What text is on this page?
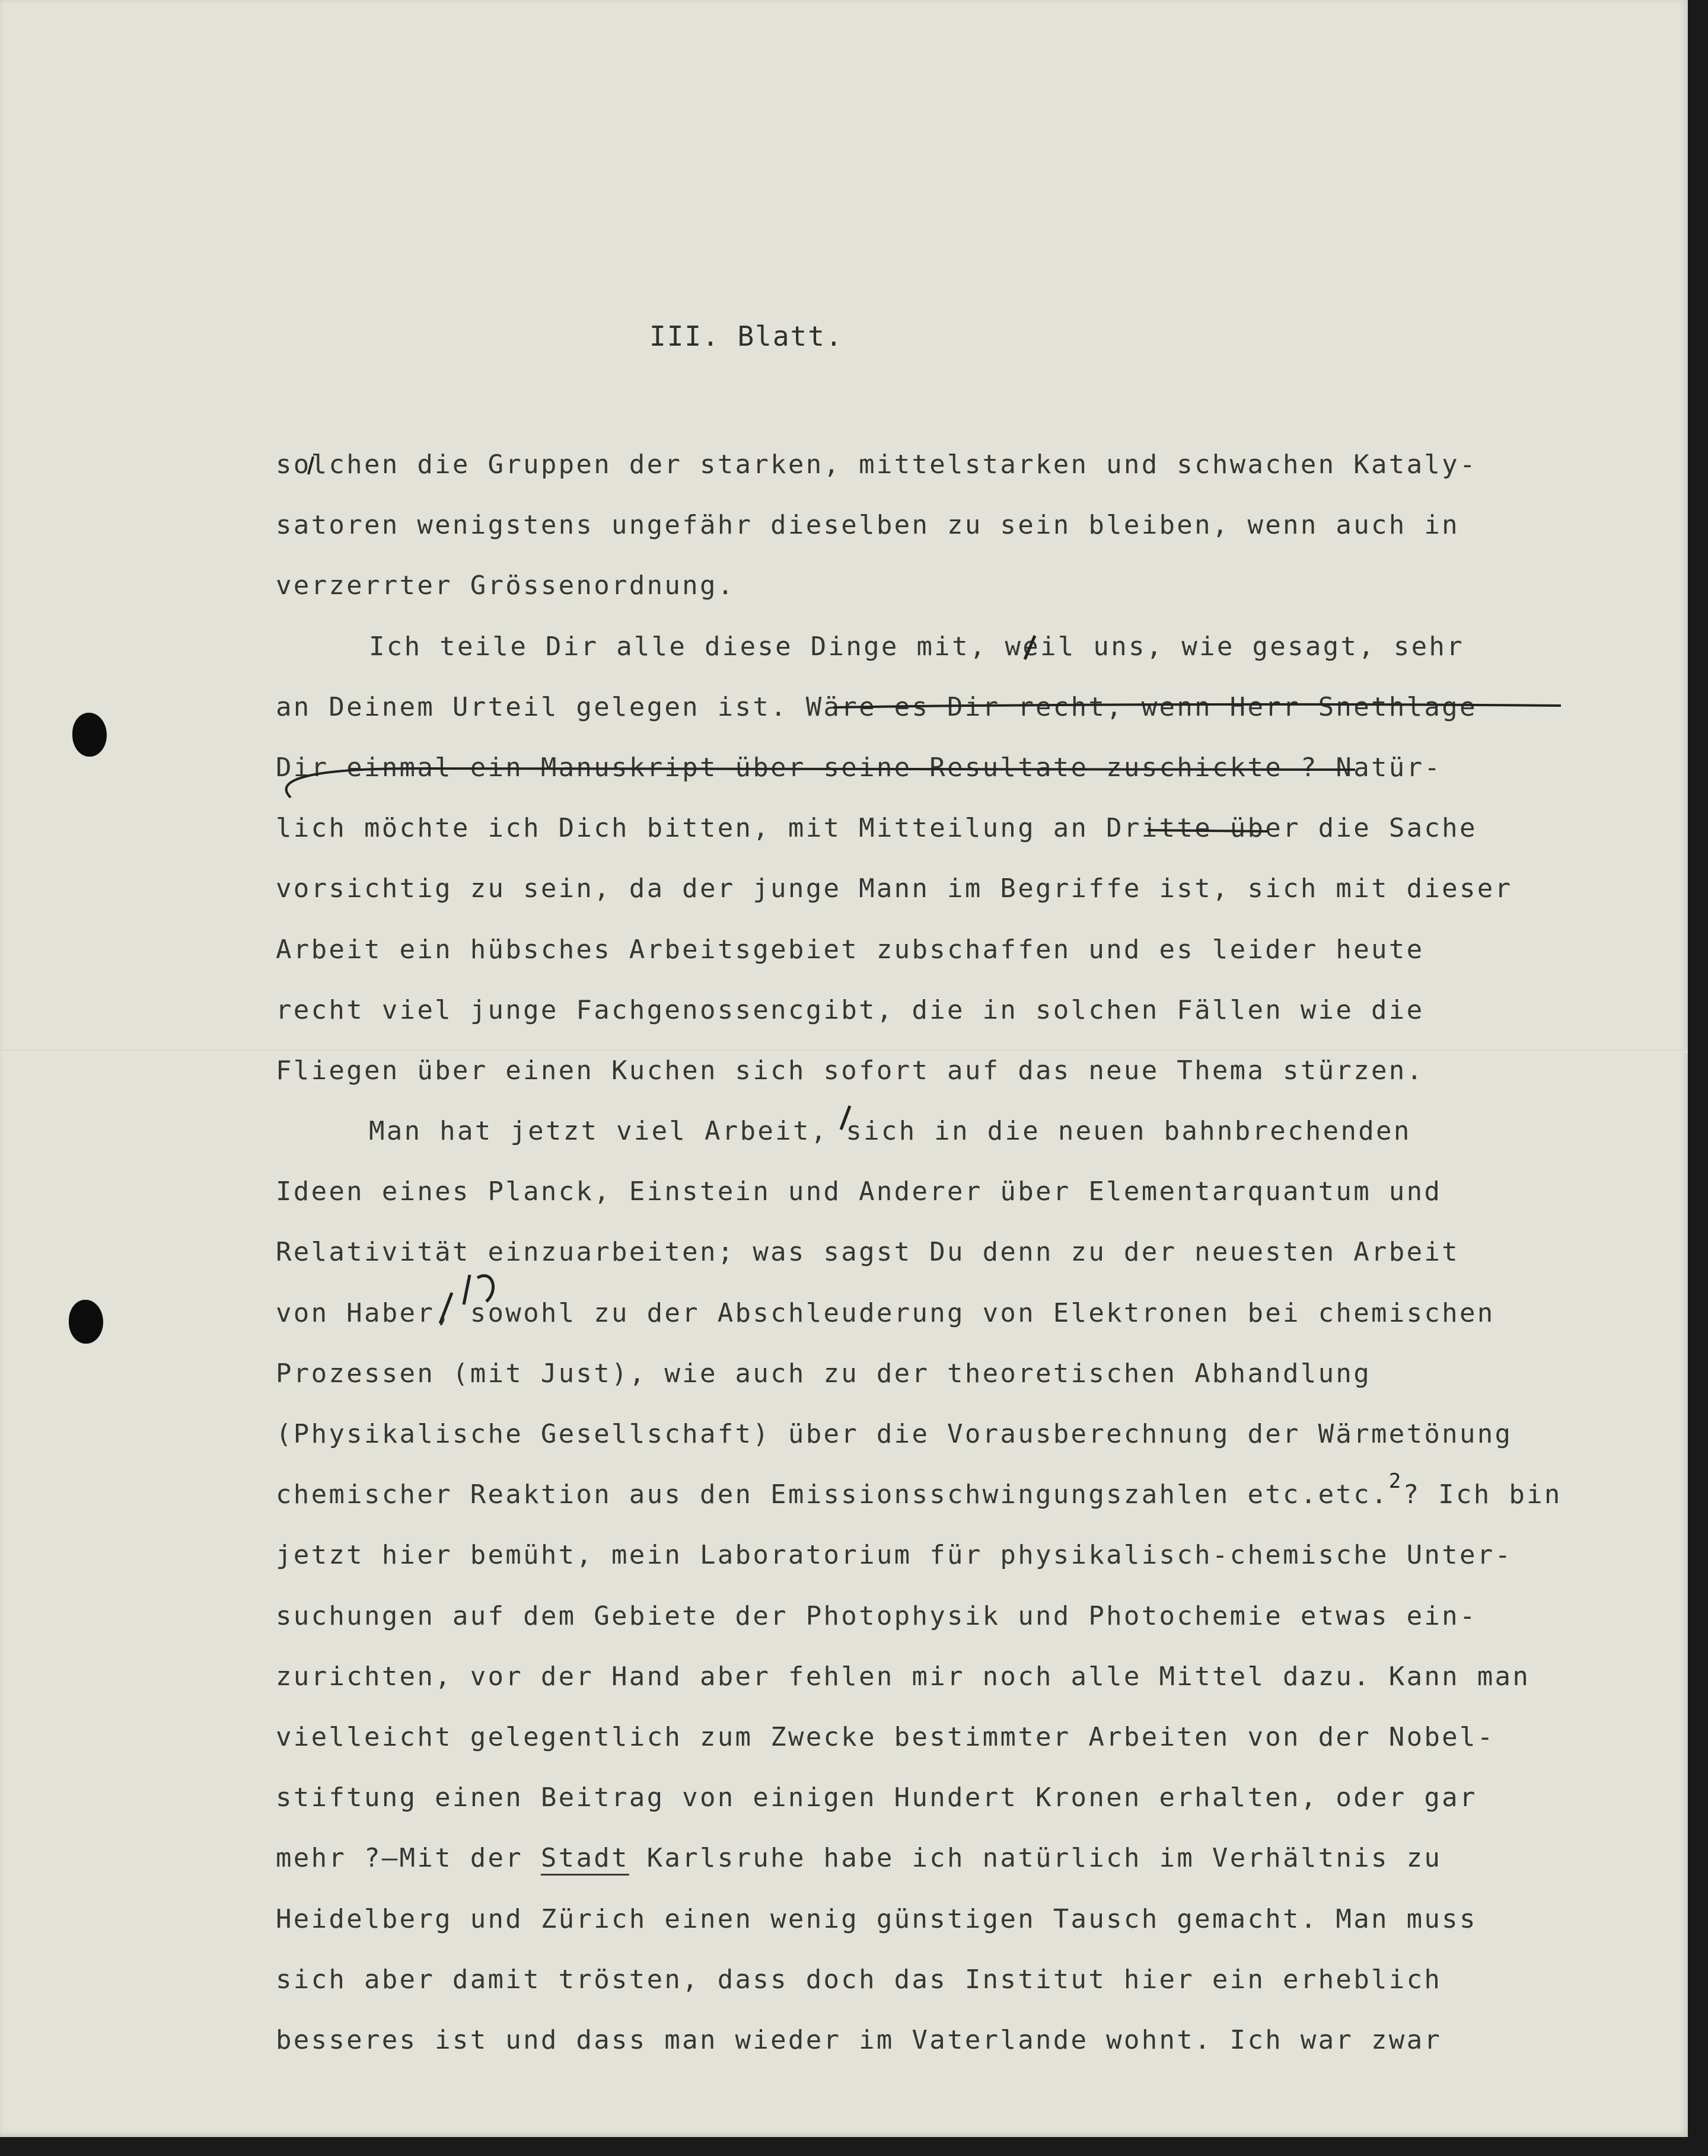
III. Blatt.
solchen die Gruppen der starken, mittelstarken und schwachen Kataly-
satoren wenigstens ungefähr dieselben zu sein bleiben, wenn auch in
verzerrter Grössenordnung.
Ich teile Dir alle diese Dinge mit, weil uns, wie gesagt, sehr
an Deinem Urteil gelegen ist. Wäre es Dir recht, wenn Herr Snethlage
Dir einmal ein Manuskript über seine Resultate zuschickte ? Natür-
lich möchte ich Dich bitten, mit Mitteilung an Dritte über die Sache
vorsichtig zu sein, da der junge Mann im Begriffe ist, sich mit dieser
Arbeit ein hübsches Arbeitsgebiet zubschaffen und es leider heute
recht viel junge Fachgenossencgibt, die in solchen Fällen wie die
Fliegen über einen Kuchen sich sofort auf das neue Thema stürzen.
Man hat jetzt viel Arbeit, sich in die neuen bahnbrechenden
Ideen eines Planck, Einstein und Anderer über Elementarquantum und
Relativität einzuarbeiten; was sagst Du denn zu der neuesten Arbeit
von Haber, sowohl zu der Abschleuderung von Elektronen bei chemischen
Prozessen (mit Just), wie auch zu der theoretischen Abhandlung
(Physikalische Gesellschaft) über die Vorausberechnung der Wärmetönung
chemischer Reaktion aus den Emissionsschwingungszahlen etc.etc.$^2$? Ich bin
jetzt hier bemüht, mein Laboratorium für physikalisch-chemische Unter-
suchungen auf dem Gebiete der Photophysik und Photochemie etwas ein-
zurichten, vor der Hand aber fehlen mir noch alle Mittel dazu. Kann man
vielleicht gelegentlich zum Zwecke bestimmter Arbeiten von der Nobel-
stiftung einen Beitrag von einigen Hundert Kronen erhalten, oder gar
mehr ?—Mit der Stadt Karlsruhe habe ich natürlich im Verhältnis zu
Heidelberg und Zürich einen wenig günstigen Tausch gemacht. Man muss
sich aber damit trösten, dass doch das Institut hier ein erheblich
besseres ist und dass man wieder im Vaterlande wohnt. Ich war zwar
